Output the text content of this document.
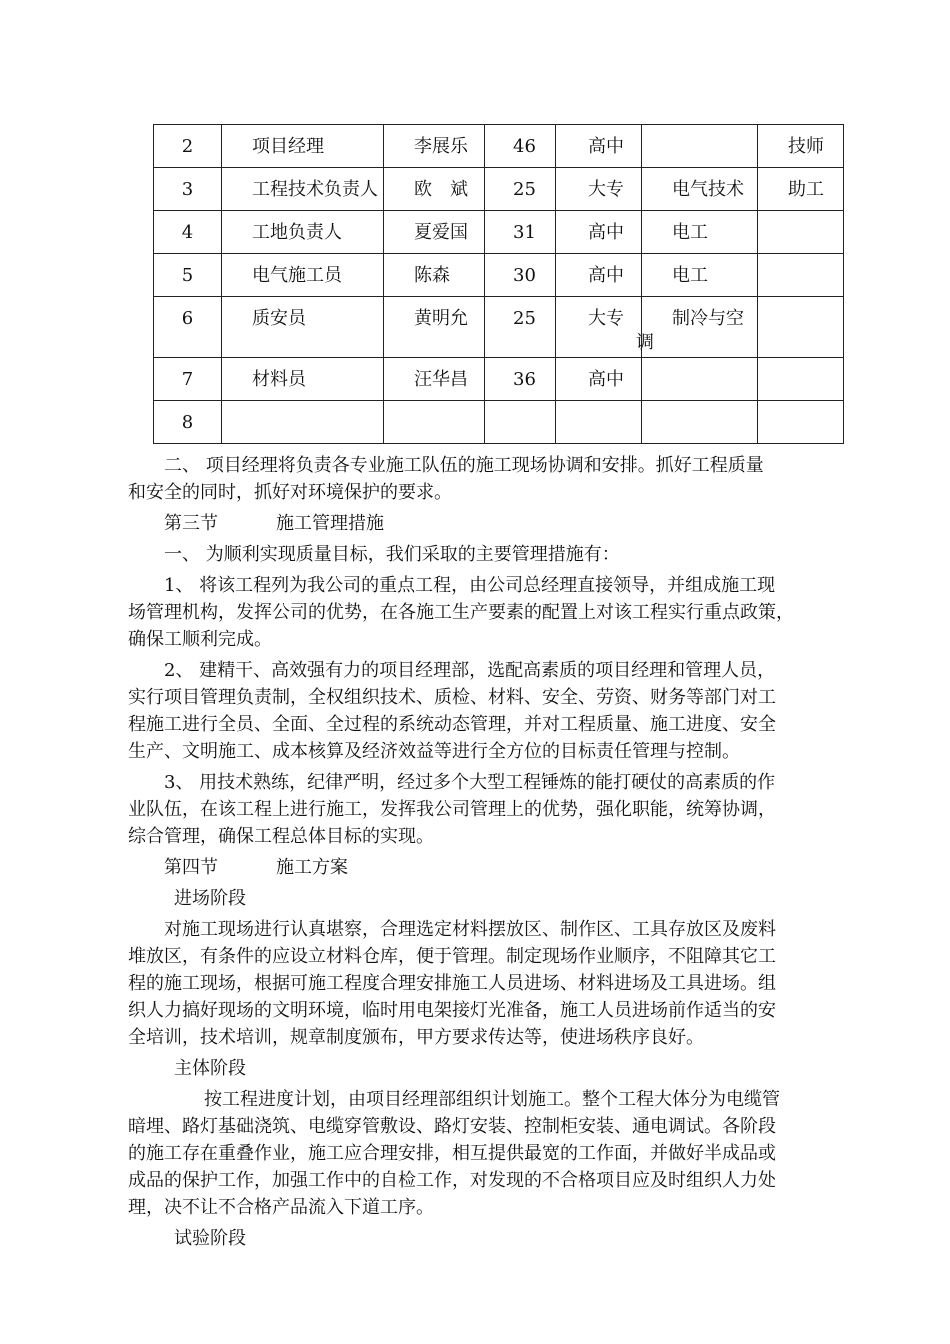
2	项目经理	李展乐	46	高中		技师
3	工程技术负责人	欧　斌	25	大专	电气技术	助工
4	工地负责人	夏爱国	31	高中	电工	
5	电气施工员	陈森	30	高中	电工	
6	质安员	黄明允	25	大专	制冷与空
调	

7	材料员	汪华昌	36	高中		
8						

二、 项目经理将负责各专业施工队伍的施工现场协调和安排。抓好工程质量

和安全的同时，抓好对环境保护的要求。

第三节	施工管理措施

一、 为顺利实现质量目标，我们采取的主要管理措施有：

1、 将该工程列为我公司的重点工程，由公司总经理直接领导，并组成施工现

场管理机构，发挥公司的优势，在各施工生产要素的配置上对该工程实行重点政策，

确保工顺利完成。

2、 建精干、高效强有力的项目经理部，选配高素质的项目经理和管理人员，

实行项目管理负责制，全权组织技术、质检、材料、安全、劳资、财务等部门对工

程施工进行全员、全面、全过程的系统动态管理，并对工程质量、施工进度、安全

生产、文明施工、成本核算及经济效益等进行全方位的目标责任管理与控制。

3、 用技术熟练，纪律严明，经过多个大型工程锤炼的能打硬仗的高素质的作

业队伍，在该工程上进行施工，发挥我公司管理上的优势，强化职能，统筹协调，

综合管理，确保工程总体目标的实现。

第四节	施工方案

进场阶段

对施工现场进行认真堪察，合理选定材料摆放区、制作区、工具存放区及废料

堆放区，有条件的应设立材料仓库，便于管理。制定现场作业顺序，不阻障其它工

程的施工现场，根据可施工程度合理安排施工人员进场、材料进场及工具进场。组

织人力搞好现场的文明环境，临时用电架接灯光准备，施工人员进场前作适当的安

全培训，技术培训，规章制度颁布，甲方要求传达等，使进场秩序良好。

主体阶段

按工程进度计划，由项目经理部组织计划施工。整个工程大体分为电缆管

暗埋、路灯基础浇筑、电缆穿管敷设、路灯安装、控制柜安装、通电调试。各阶段

的施工存在重叠作业，施工应合理安排，相互提供最宽的工作面，并做好半成品或

成品的保护工作，加强工作中的自检工作，对发现的不合格项目应及时组织人力处

理，决不让不合格产品流入下道工序。

试验阶段
